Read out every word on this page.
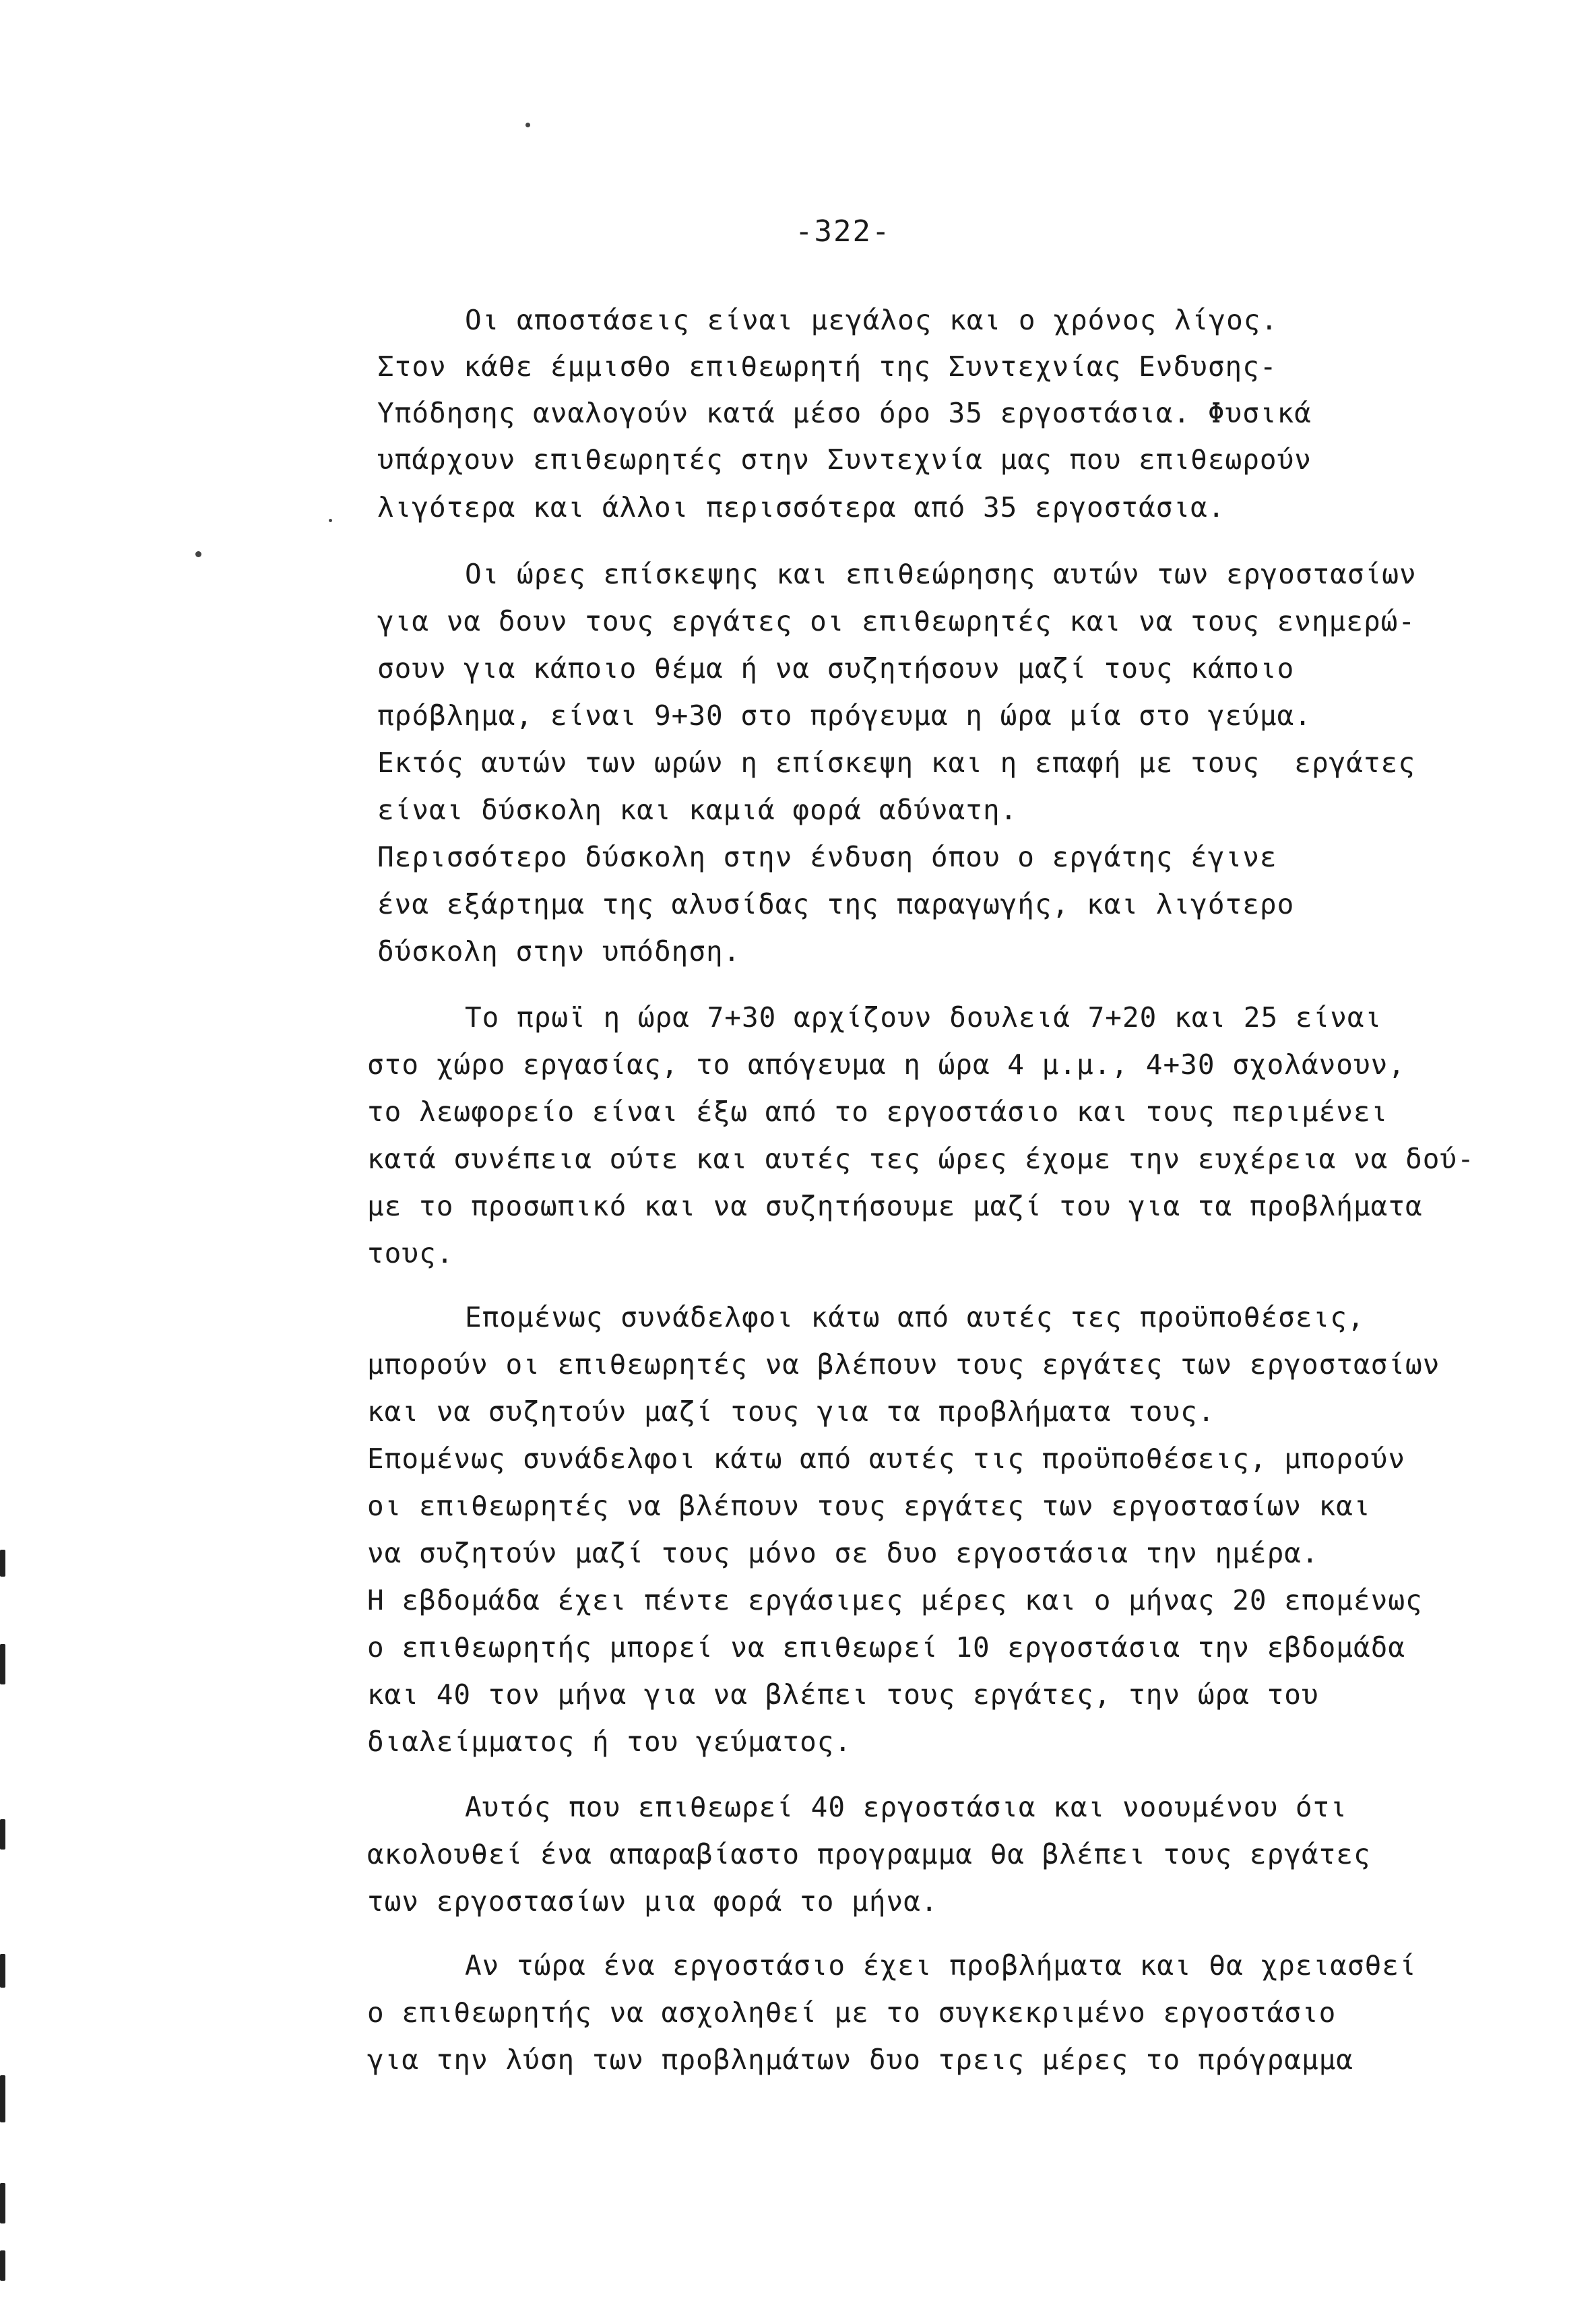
-322-
Οι αποστάσεις είναι μεγάλος και ο χρόνος λίγος.
Στον κάθε έμμισθο επιθεωρητή της Συντεχνίας Ενδυσης-
Υπόδησης αναλογούν κατά μέσο όρο 35 εργοστάσια. Φυσικά
υπάρχουν επιθεωρητές στην Συντεχνία μας που επιθεωρούν
λιγότερα και άλλοι περισσότερα από 35 εργοστάσια.
Οι ώρες επίσκεψης και επιθεώρησης αυτών των εργοστασίων
για να δουν τους εργάτες οι επιθεωρητές και να τους ενημερώ-
σουν για κάποιο θέμα ή να συζητήσουν μαζί τους κάποιο
πρόβλημα, είναι 9+30 στο πρόγευμα η ώρα μία στο γεύμα.
Εκτός αυτών των ωρών η επίσκεψη και η επαφή με τους  εργάτες
είναι δύσκολη και καμιά φορά αδύνατη.
Περισσότερο δύσκολη στην ένδυση όπου ο εργάτης έγινε
ένα εξάρτημα της αλυσίδας της παραγωγής, και λιγότερο
δύσκολη στην υπόδηση.
Το πρωϊ η ώρα 7+30 αρχίζουν δουλειά 7+20 και 25 είναι
στο χώρο εργασίας, το απόγευμα η ώρα 4 μ.μ., 4+30 σχολάνουν,
το λεωφορείο είναι έξω από το εργοστάσιο και τους περιμένει
κατά συνέπεια ούτε και αυτές τες ώρες έχομε την ευχέρεια να δού-
με το προσωπικό και να συζητήσουμε μαζί του για τα προβλήματα
τους.
Επομένως συνάδελφοι κάτω από αυτές τες προϋποθέσεις,
μπορούν οι επιθεωρητές να βλέπουν τους εργάτες των εργοστασίων
και να συζητούν μαζί τους για τα προβλήματα τους.
Επομένως συνάδελφοι κάτω από αυτές τις προϋποθέσεις, μπορούν
οι επιθεωρητές να βλέπουν τους εργάτες των εργοστασίων και
να συζητούν μαζί τους μόνο σε δυο εργοστάσια την ημέρα.
Η εβδομάδα έχει πέντε εργάσιμες μέρες και ο μήνας 20 επομένως
ο επιθεωρητής μπορεί να επιθεωρεί 10 εργοστάσια την εβδομάδα
και 40 τον μήνα για να βλέπει τους εργάτες, την ώρα του
διαλείμματος ή του γεύματος.
Αυτός που επιθεωρεί 40 εργοστάσια και νοουμένου ότι
ακολουθεί ένα απαραβίαστο προγραμμα θα βλέπει τους εργάτες
των εργοστασίων μια φορά το μήνα.
Αν τώρα ένα εργοστάσιο έχει προβλήματα και θα χρειασθεί
ο επιθεωρητής να ασχοληθεί με το συγκεκριμένο εργοστάσιο
για την λύση των προβλημάτων δυο τρεις μέρες το πρόγραμμα
